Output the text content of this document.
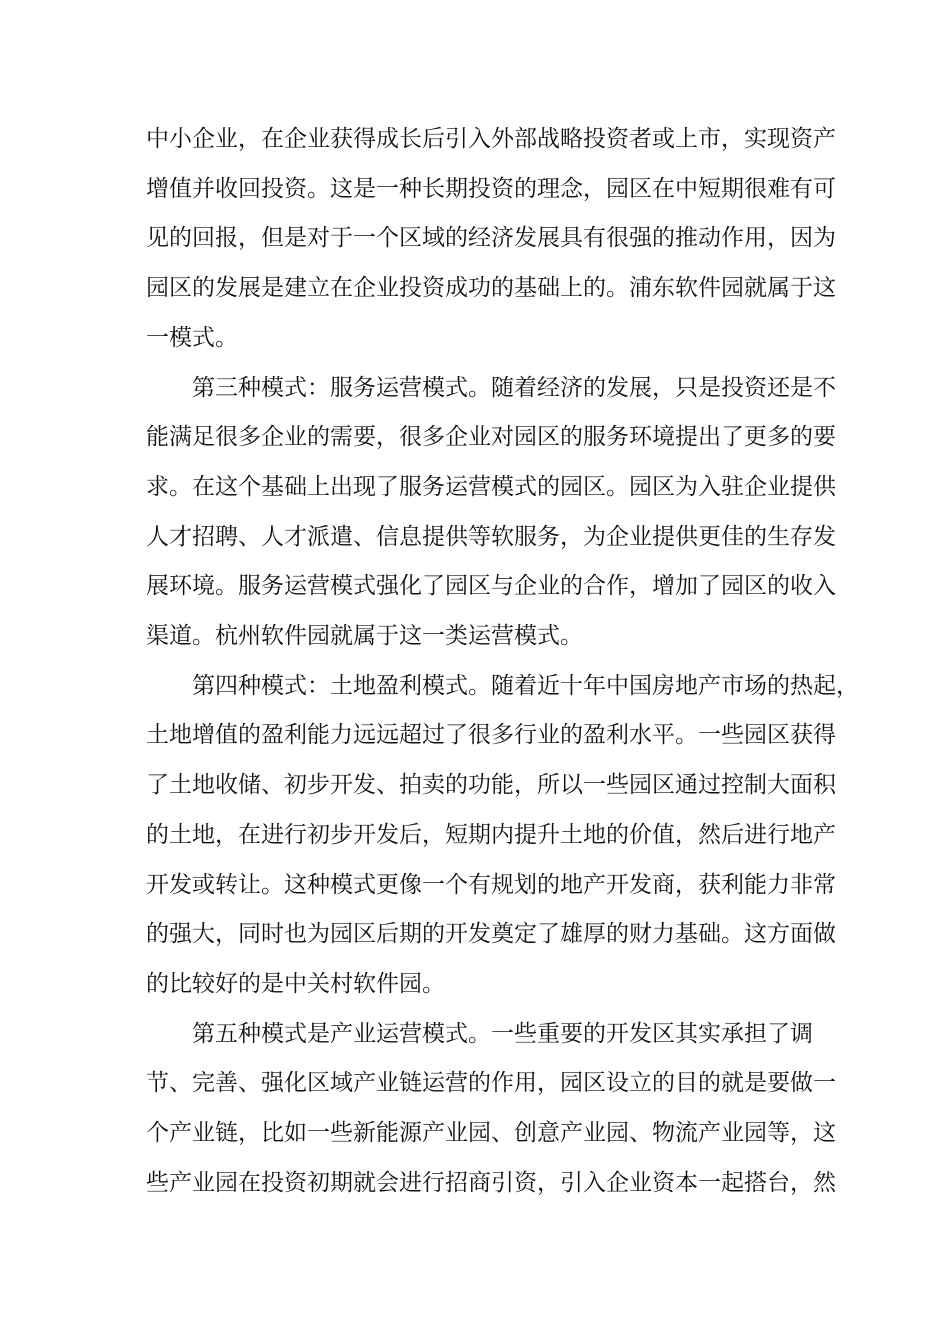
中小企业，在企业获得成长后引入外部战略投资者或上市，实现资产
增值并收回投资。这是一种长期投资的理念，园区在中短期很难有可
见的回报，但是对于一个区域的经济发展具有很强的推动作用，因为
园区的发展是建立在企业投资成功的基础上的。浦东软件园就属于这
一模式。
第三种模式：服务运营模式。随着经济的发展，只是投资还是不
能满足很多企业的需要，很多企业对园区的服务环境提出了更多的要
求。在这个基础上出现了服务运营模式的园区。园区为入驻企业提供
人才招聘、人才派遣、信息提供等软服务，为企业提供更佳的生存发
展环境。服务运营模式强化了园区与企业的合作，增加了园区的收入
渠道。杭州软件园就属于这一类运营模式。
第四种模式：土地盈利模式。随着近十年中国房地产市场的热起，
土地增值的盈利能力远远超过了很多行业的盈利水平。一些园区获得
了土地收储、初步开发、拍卖的功能，所以一些园区通过控制大面积
的土地，在进行初步开发后，短期内提升土地的价值，然后进行地产
开发或转让。这种模式更像一个有规划的地产开发商，获利能力非常
的强大，同时也为园区后期的开发奠定了雄厚的财力基础。这方面做
的比较好的是中关村软件园。
第五种模式是产业运营模式。一些重要的开发区其实承担了调
节、完善、强化区域产业链运营的作用，园区设立的目的就是要做一
个产业链，比如一些新能源产业园、创意产业园、物流产业园等，这
些产业园在投资初期就会进行招商引资，引入企业资本一起搭台，然
